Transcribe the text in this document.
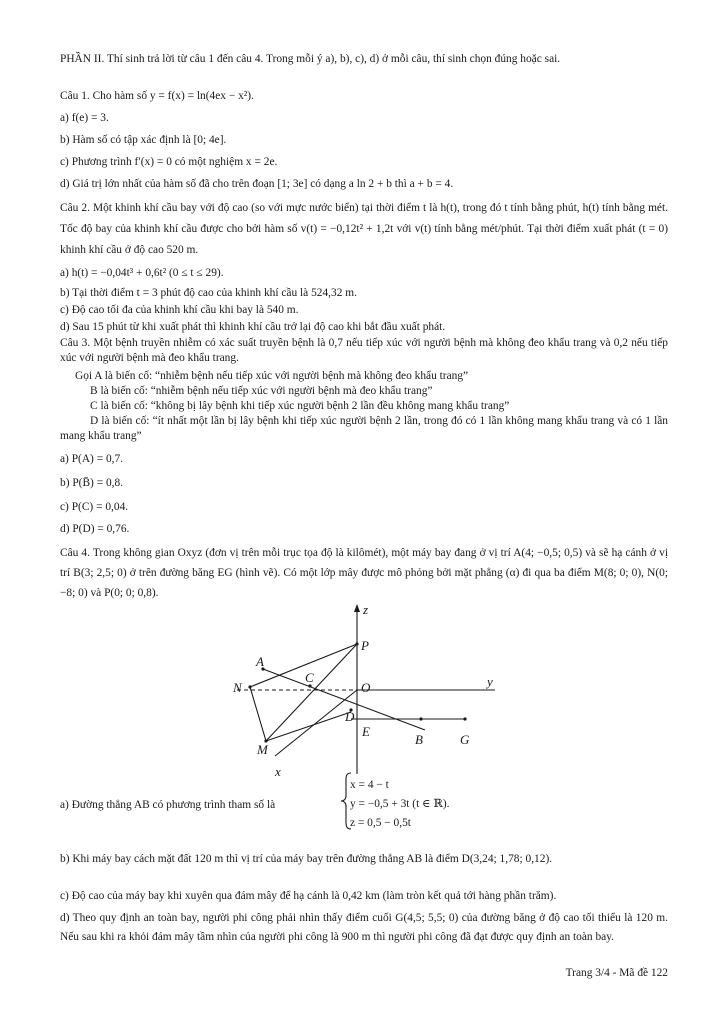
PHẦN II. Thí sinh trả lời từ câu 1 đến câu 4. Trong mỗi ý a), b), c), d) ở mỗi câu, thí sinh chọn đúng hoặc sai.

Câu 1. Cho hàm số y = f(x) = ln(4ex − x²).

a) f(e) = 3.

b) Hàm số có tập xác định là [0; 4e].

c) Phương trình f′(x) = 0 có một nghiệm x = 2e.

d) Giá trị lớn nhất của hàm số đã cho trên đoạn [1; 3e] có dạng a ln 2 + b thì a + b = 4.

Câu 2. Một khinh khí cầu bay với độ cao (so với mực nước biển) tại thời điểm t là h(t), trong đó t tính bằng phút, h(t) tính bằng mét. Tốc độ bay của khinh khí cầu được cho bởi hàm số v(t) = −0,12t² + 1,2t với v(t) tính bằng mét/phút. Tại thời điểm xuất phát (t = 0) khinh khí cầu ở độ cao 520 m.

a) h(t) = −0,04t³ + 0,6t² (0 ≤ t ≤ 29).

b) Tại thời điểm t = 3 phút độ cao của khinh khí cầu là 524,32 m.

c) Độ cao tối đa của khinh khí cầu khi bay là 540 m.

d) Sau 15 phút từ khi xuất phát thì khinh khí cầu trở lại độ cao khi bắt đầu xuất phát.

Câu 3. Một bệnh truyền nhiễm có xác suất truyền bệnh là 0,7 nếu tiếp xúc với người bệnh mà không đeo khẩu trang và 0,2 nếu tiếp xúc với người bệnh mà đeo khẩu trang.

Gọi A là biến cố: “nhiễm bệnh nếu tiếp xúc với người bệnh mà không đeo khẩu trang”

B là biến cố: “nhiễm bệnh nếu tiếp xúc với người bệnh mà đeo khẩu trang”

C là biến cố: “không bị lây bệnh khi tiếp xúc người bệnh 2 lần đều không mang khẩu trang”

D là biến cố: “ít nhất một lần bị lây bệnh khi tiếp xúc người bệnh 2 lần, trong đó có 1 lần không mang khẩu trang và có 1 lần mang khẩu trang”

a) P(A) = 0,7.

b) P(B̄) = 0,8.

c) P(C) = 0,04.

d) P(D) = 0,76.

Câu 4. Trong không gian Oxyz (đơn vị trên mỗi trục tọa độ là kilômét), một máy bay đang ở vị trí A(4; −0,5; 0,5) và sẽ hạ cánh ở vị trí B(3; 2,5; 0) ở trên đường băng EG (hình vẽ). Có một lớp mây được mô phỏng bởi mặt phẳng (α) đi qua ba điểm M(8; 0; 0), N(0; −8; 0) và P(0; 0; 0,8).

z
P
A
C
N	O	y
D
E
B	G
M
x

a) Đường thẳng AB có phương trình tham số là

x = 4 − t
y = −0,5 + 3t (t ∈ ℝ).
z = 0,5 − 0,5t

b) Khi máy bay cách mặt đất 120 m thì vị trí của máy bay trên đường thẳng AB là điểm D(3,24; 1,78; 0,12).

c) Độ cao của máy bay khi xuyên qua đám mây để hạ cánh là 0,42 km (làm tròn kết quả tới hàng phần trăm).

d) Theo quy định an toàn bay, người phi công phải nhìn thấy điểm cuối G(4,5; 5,5; 0) của đường băng ở độ cao tối thiểu là 120 m. Nếu sau khi ra khỏi đám mây tầm nhìn của người phi công là 900 m thì người phi công đã đạt được quy định an toàn bay.

Trang 3/4 - Mã đề 122
